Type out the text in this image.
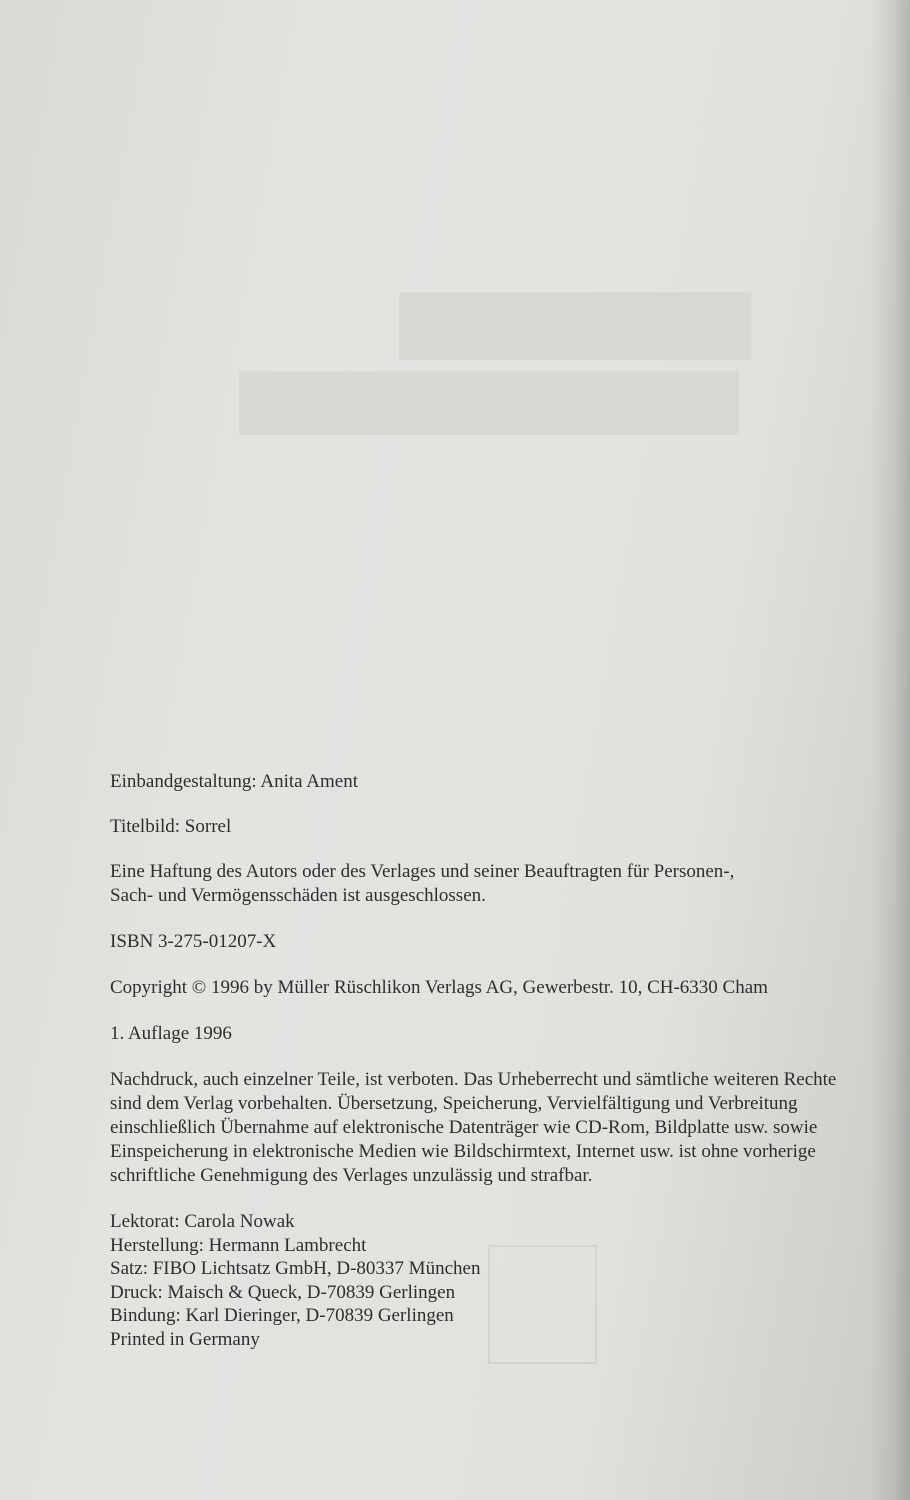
▆▆▆▆▆▆
▆▆▆▆▆▆▆▆▆

Einbandgestaltung: Anita Ament

Titelbild: Sorrel

Eine Haftung des Autors oder des Verlages und seiner Beauftragten für Personen-,

Sach- und Vermögensschäden ist ausgeschlossen.

ISBN 3-275-01207-X

Copyright © 1996 by Müller Rüschlikon Verlags AG, Gewerbestr. 10, CH-6330 Cham

1. Auflage 1996

Nachdruck, auch einzelner Teile, ist verboten. Das Urheberrecht und sämtliche weiteren Rechte

sind dem Verlag vorbehalten. Übersetzung, Speicherung, Vervielfältigung und Verbreitung

einschließlich Übernahme auf elektronische Datenträger wie CD-Rom, Bildplatte usw. sowie

Einspeicherung in elektronische Medien wie Bildschirmtext, Internet usw. ist ohne vorherige

schriftliche Genehmigung des Verlages unzulässig und strafbar.

Lektorat: Carola Nowak

Herstellung: Hermann Lambrecht

Satz: FIBO Lichtsatz GmbH, D-80337 München

Druck: Maisch & Queck, D-70839 Gerlingen

Bindung: Karl Dieringer, D-70839 Gerlingen

Printed in Germany
